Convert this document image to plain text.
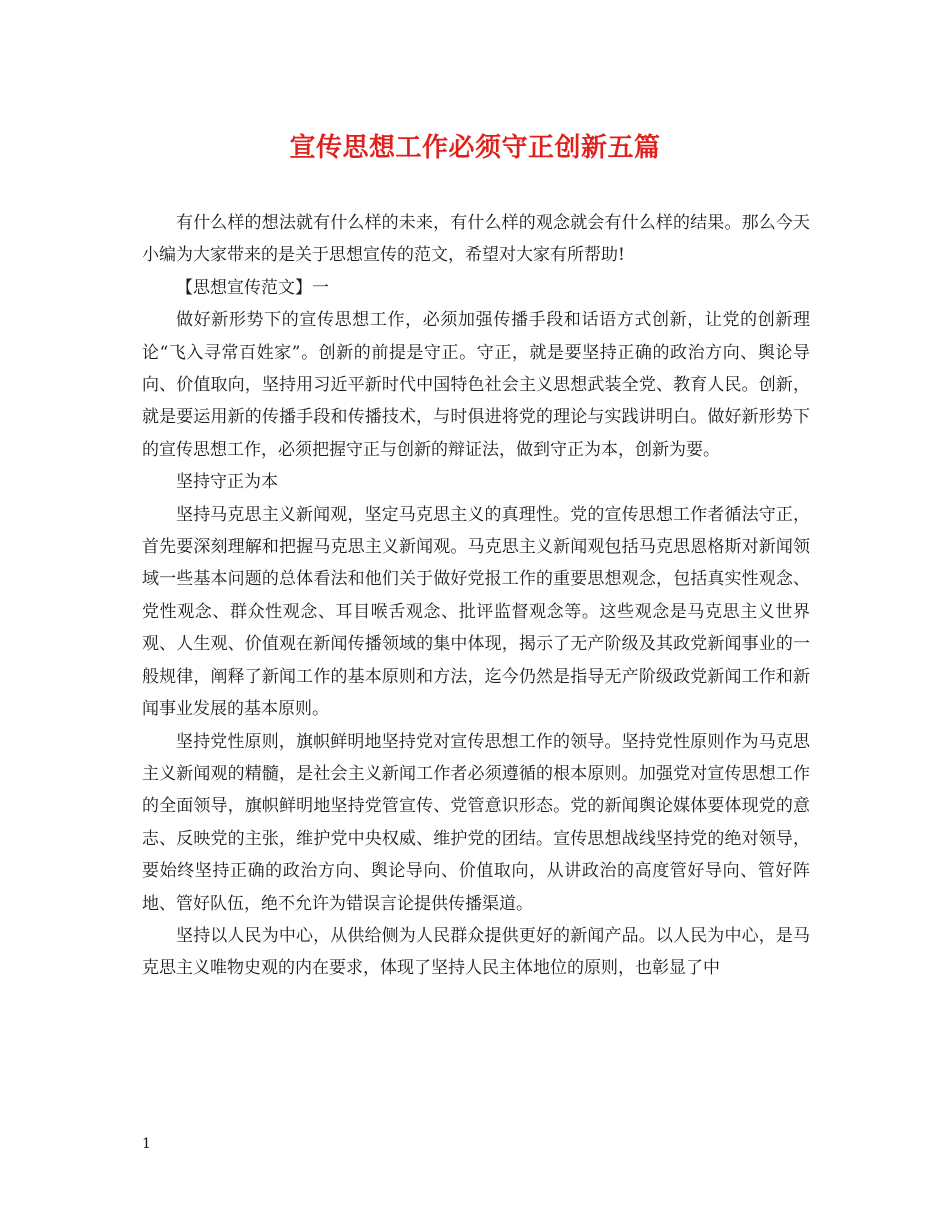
宣传思想工作必须守正创新五篇

有什么样的想法就有什么样的未来，有什么样的观念就会有什么样的结果。那么今天小编为大家带来的是关于思想宣传的范文，希望对大家有所帮助!

【思想宣传范文】一

做好新形势下的宣传思想工作，必须加强传播手段和话语方式创新，让党的创新理论“飞入寻常百姓家”。创新的前提是守正。守正，就是要坚持正确的政治方向、舆论导向、价值取向，坚持用习近平新时代中国特色社会主义思想武装全党、教育人民。创新，就是要运用新的传播手段和传播技术，与时俱进将党的理论与实践讲明白。做好新形势下的宣传思想工作，必须把握守正与创新的辩证法，做到守正为本，创新为要。

坚持守正为本

坚持马克思主义新闻观，坚定马克思主义的真理性。党的宣传思想工作者循法守正，首先要深刻理解和把握马克思主义新闻观。马克思主义新闻观包括马克思恩格斯对新闻领域一些基本问题的总体看法和他们关于做好党报工作的重要思想观念，包括真实性观念、党性观念、群众性观念、耳目喉舌观念、批评监督观念等。这些观念是马克思主义世界观、人生观、价值观在新闻传播领域的集中体现，揭示了无产阶级及其政党新闻事业的一般规律，阐释了新闻工作的基本原则和方法，迄今仍然是指导无产阶级政党新闻工作和新闻事业发展的基本原则。

坚持党性原则，旗帜鲜明地坚持党对宣传思想工作的领导。坚持党性原则作为马克思主义新闻观的精髓，是社会主义新闻工作者必须遵循的根本原则。加强党对宣传思想工作的全面领导，旗帜鲜明地坚持党管宣传、党管意识形态。党的新闻舆论媒体要体现党的意志、反映党的主张，维护党中央权威、维护党的团结。宣传思想战线坚持党的绝对领导，要始终坚持正确的政治方向、舆论导向、价值取向，从讲政治的高度管好导向、管好阵地、管好队伍，绝不允许为错误言论提供传播渠道。

坚持以人民为中心，从供给侧为人民群众提供更好的新闻产品。以人民为中心，是马克思主义唯物史观的内在要求，体现了坚持人民主体地位的原则，也彰显了中

1
